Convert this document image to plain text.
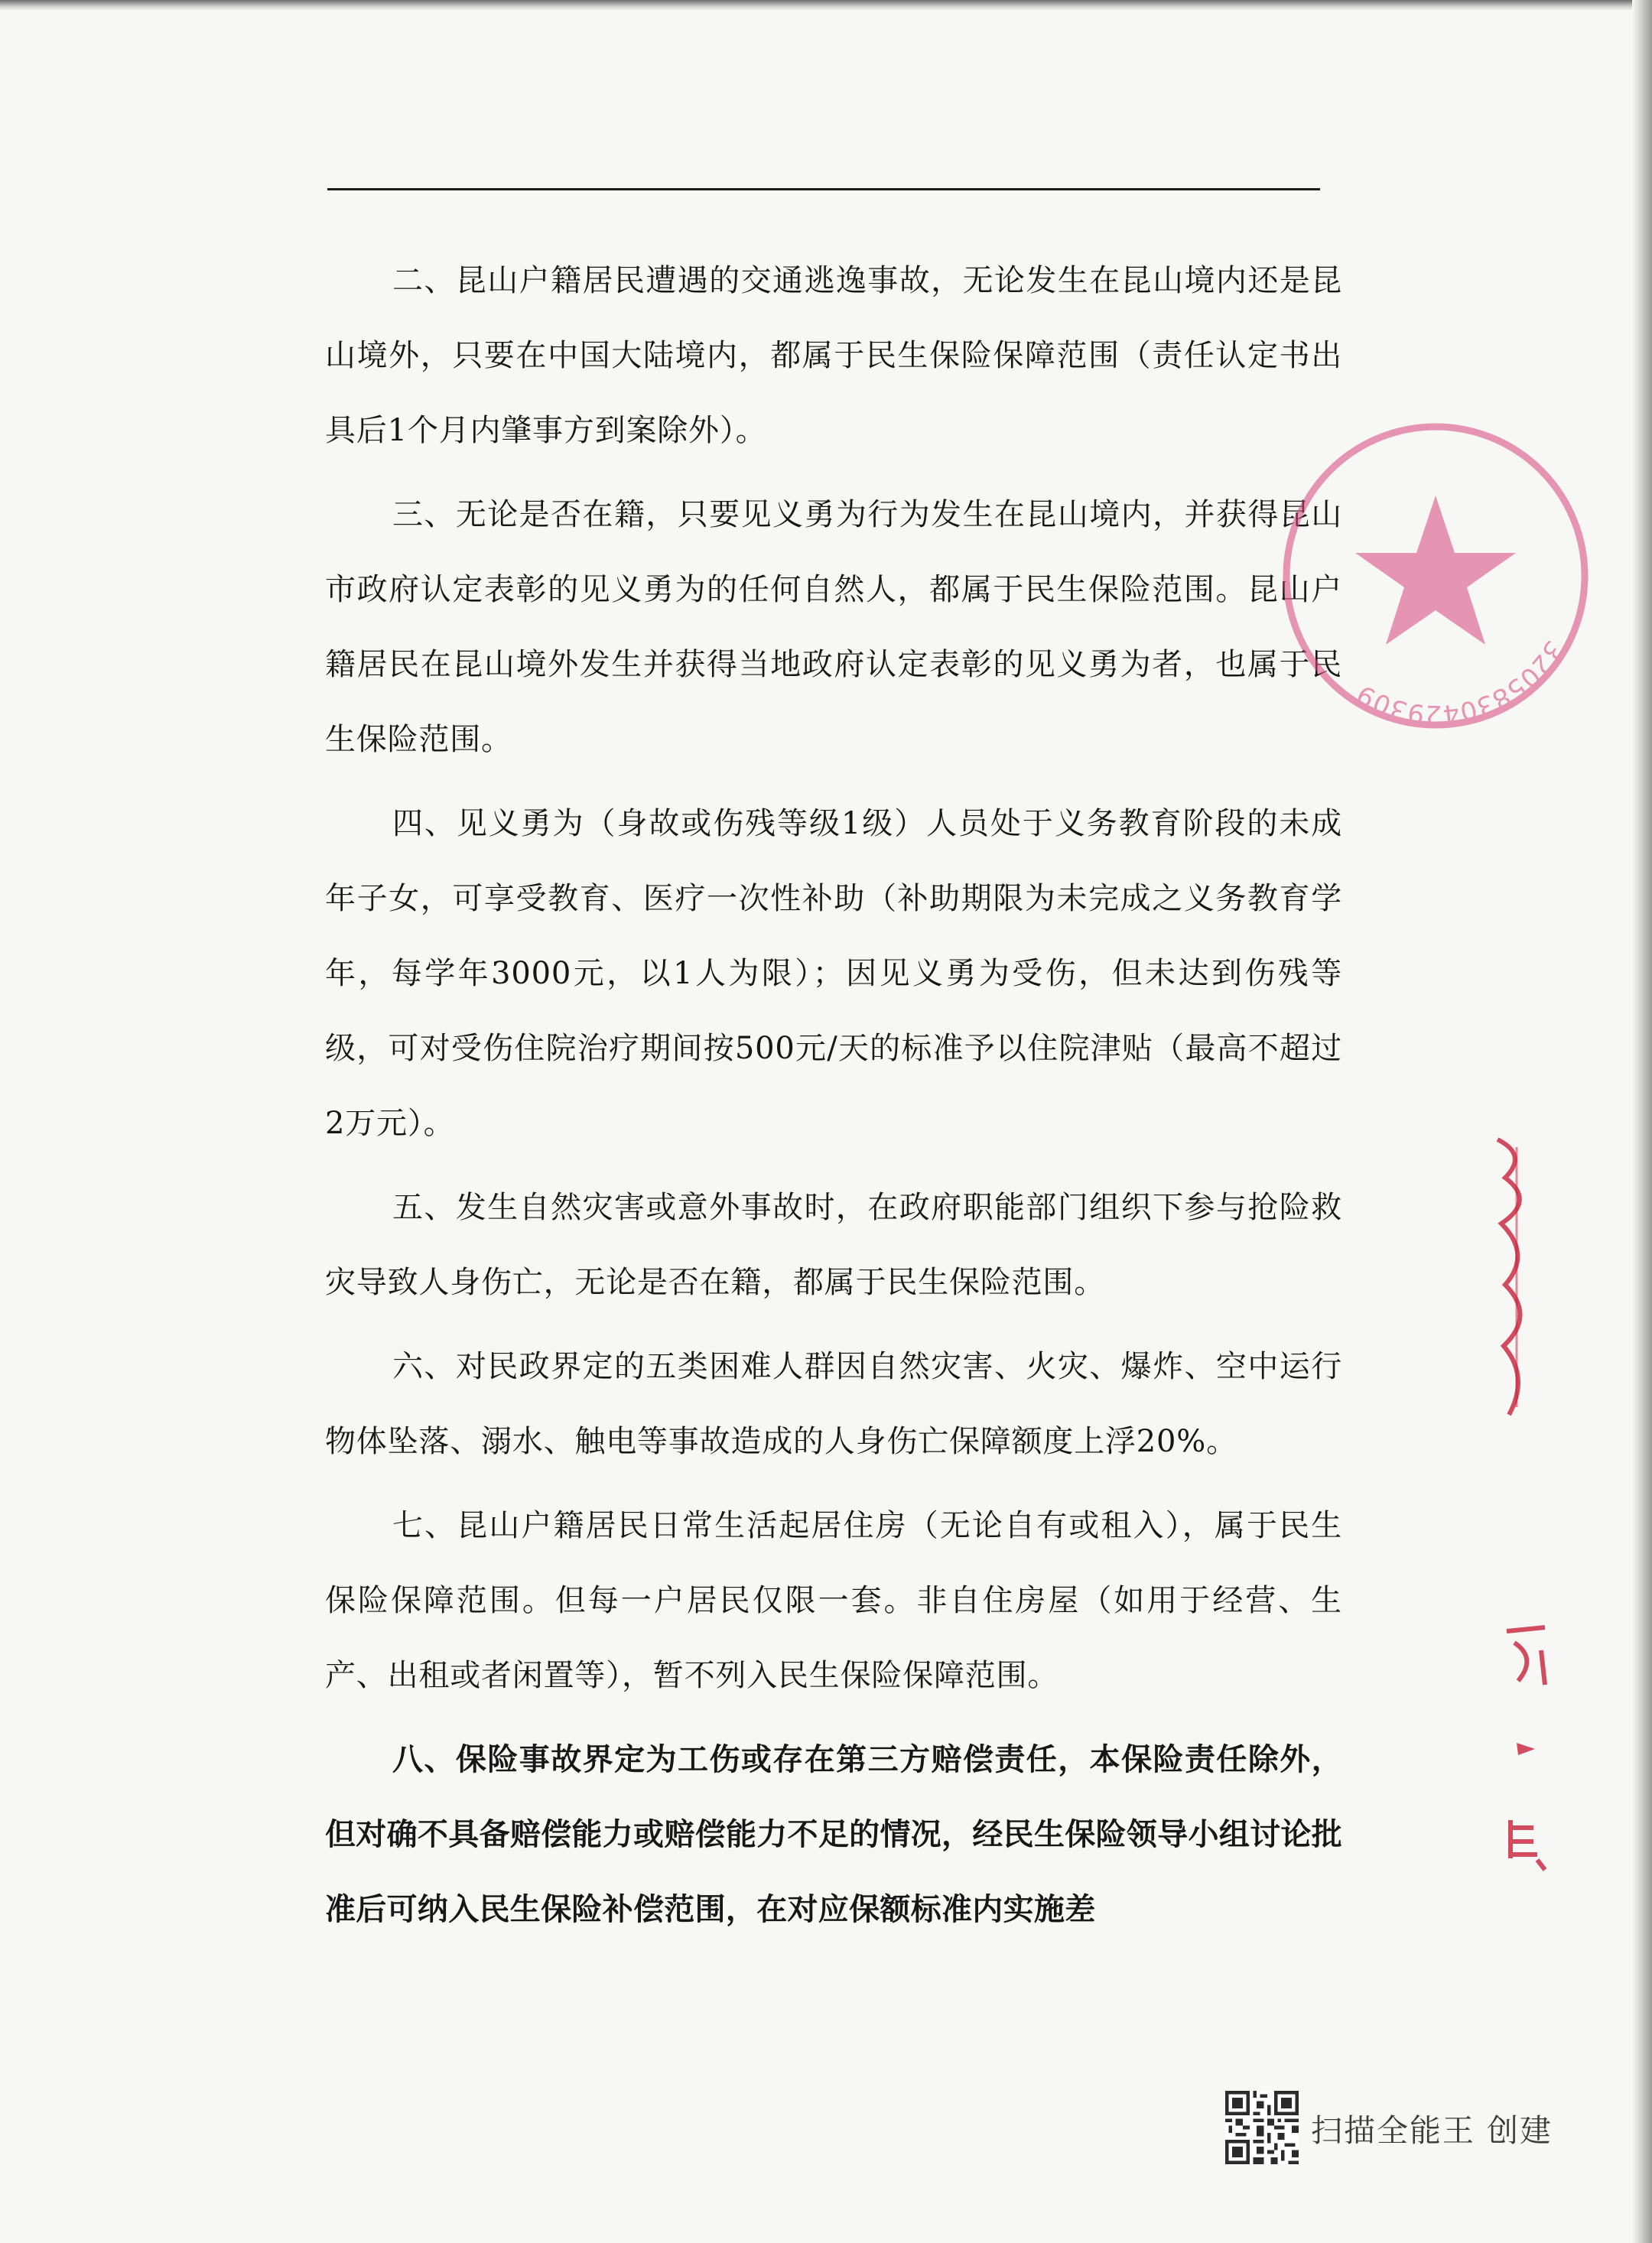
二、昆山户籍居民遭遇的交通逃逸事故，无论发生在昆山境内还是昆山境外，只要在中国大陆境内，都属于民生保险保障范围（责任认定书出具后1个月内肇事方到案除外）。

三、无论是否在籍，只要见义勇为行为发生在昆山境内，并获得昆山市政府认定表彰的见义勇为的任何自然人，都属于民生保险范围。昆山户籍居民在昆山境外发生并获得当地政府认定表彰的见义勇为者，也属于民生保险范围。

四、见义勇为（身故或伤残等级1级）人员处于义务教育阶段的未成年子女，可享受教育、医疗一次性补助（补助期限为未完成之义务教育学年，每学年3000元，以1人为限）；因见义勇为受伤，但未达到伤残等级，可对受伤住院治疗期间按500元/天的标准予以住院津贴（最高不超过2万元）。

五、发生自然灾害或意外事故时，在政府职能部门组织下参与抢险救灾导致人身伤亡，无论是否在籍，都属于民生保险范围。

六、对民政界定的五类困难人群因自然灾害、火灾、爆炸、空中运行物体坠落、溺水、触电等事故造成的人身伤亡保障额度上浮20%。

七、昆山户籍居民日常生活起居住房（无论自有或租入），属于民生保险保障范围。但每一户居民仅限一套。非自住房屋（如用于经营、生产、出租或者闲置等），暂不列入民生保险保障范围。

八、保险事故界定为工伤或存在第三方赔偿责任，本保险责任除外，但对确不具备赔偿能力或赔偿能力不足的情况，经民生保险领导小组讨论批准后可纳入民生保险补偿范围，在对应保额标准内实施差

3205830429309
扫描全能王 创建
